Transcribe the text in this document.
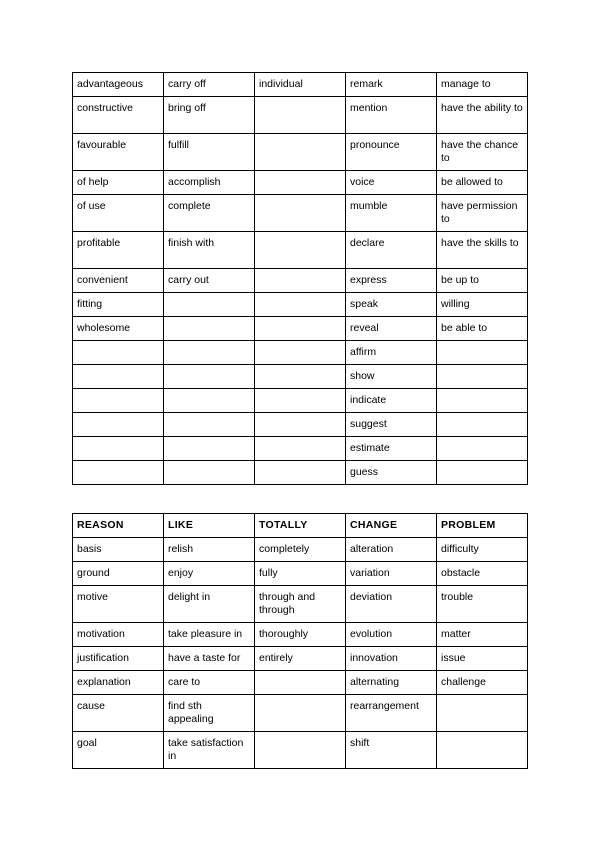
advantageous	carry off	individual	remark	manage to
constructive	bring off		mention	have the ability to
favourable	fulfill		pronounce	have the chance to
of help	accomplish		voice	be allowed to
of use	complete		mumble	have permission to
profitable	finish with		declare	have the skills to
convenient	carry out		express	be up to
fitting			speak	willing
wholesome			reveal	be able to
			affirm	
			show	
			indicate	
			suggest	
			estimate	
			guess	
REASON	LIKE	TOTALLY	CHANGE	PROBLEM
basis	relish	completely	alteration	difficulty
ground	enjoy	fully	variation	obstacle
motive	delight in	through and through	deviation	trouble
motivation	take pleasure in	thoroughly	evolution	matter
justification	have a taste for	entirely	innovation	issue
explanation	care to		alternating	challenge
cause	find sth appealing		rearrangement	
goal	take satisfaction in		shift	
